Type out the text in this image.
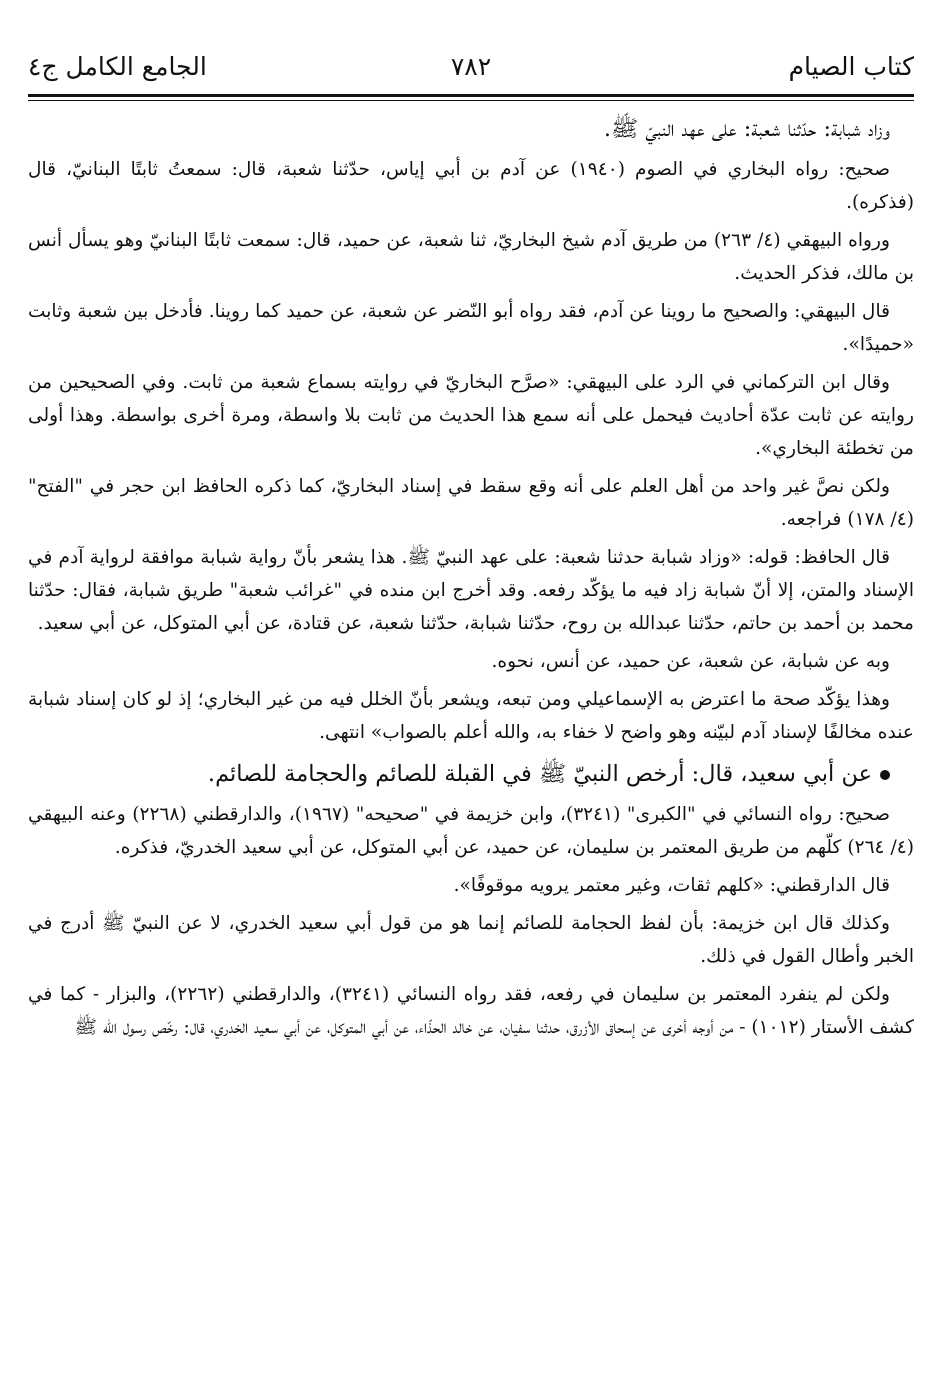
كتاب الصيام
٧٨٢
الجامع الكامل ج٤

وزاد شبابة: حدّثنا شعبة: على عهد النبيّ ﷺ.

صحيح: رواه البخاري في الصوم (١٩٤٠) عن آدم بن أبي إياس، حدّثنا شعبة، قال: سمعتُ ثابتًا البنانيّ، قال (فذكره).

ورواه البيهقي (٤/ ٢٦٣) من طريق آدم شيخ البخاريّ، ثنا شعبة، عن حميد، قال: سمعت ثابتًا البنانيّ وهو يسأل أنس بن مالك، فذكر الحديث.

قال البيهقي: والصحيح ما روينا عن آدم، فقد رواه أبو النّضر عن شعبة، عن حميد كما روينا. فأدخل بين شعبة وثابت «حميدًا».

وقال ابن التركماني في الرد على البيهقي: «صرَّح البخاريّ في روايته بسماع شعبة من ثابت. وفي الصحيحين من روايته عن ثابت عدّة أحاديث فيحمل على أنه سمع هذا الحديث من ثابت بلا واسطة، ومرة أخرى بواسطة. وهذا أولى من تخطئة البخاري».

ولكن نصَّ غير واحد من أهل العلم على أنه وقع سقط في إسناد البخاريّ، كما ذكره الحافظ ابن حجر في "الفتح" (٤/ ١٧٨) فراجعه.

قال الحافظ: قوله: «وزاد شبابة حدثنا شعبة: على عهد النبيّ ﷺ. هذا يشعر بأنّ رواية شبابة موافقة لرواية آدم في الإسناد والمتن، إلا أنّ شبابة زاد فيه ما يؤكّد رفعه. وقد أخرج ابن منده في "غرائب شعبة" طريق شبابة، فقال: حدّثنا محمد بن أحمد بن حاتم، حدّثنا عبدالله بن روح، حدّثنا شبابة، حدّثنا شعبة، عن قتادة، عن أبي المتوكل، عن أبي سعيد.

وبه عن شبابة، عن شعبة، عن حميد، عن أنس، نحوه.

وهذا يؤكّد صحة ما اعترض به الإسماعيلي ومن تبعه، ويشعر بأنّ الخلل فيه من غير البخاري؛ إذ لو كان إسناد شبابة عنده مخالفًا لإسناد آدم لبيّنه وهو واضح لا خفاء به، والله أعلم بالصواب» انتهى.

عن أبي سعيد، قال: أرخص النبيّ ﷺ في القبلة للصائم والحجامة للصائم.

صحيح: رواه النسائي في "الكبرى" (٣٢٤١)، وابن خزيمة في "صحيحه" (١٩٦٧)، والدارقطني (٢٢٦٨) وعنه البيهقي (٤/ ٢٦٤) كلّهم من طريق المعتمر بن سليمان، عن حميد، عن أبي المتوكل، عن أبي سعيد الخدريّ، فذكره.

قال الدارقطني: «كلهم ثقات، وغير معتمر يرويه موقوفًا».

وكذلك قال ابن خزيمة: بأن لفظ الحجامة للصائم إنما هو من قول أبي سعيد الخدري، لا عن النبيّ ﷺ أدرج في الخبر وأطال القول في ذلك.

ولكن لم ينفرد المعتمر بن سليمان في رفعه، فقد رواه النسائي (٣٢٤١)، والدارقطني (٢٢٦٢)، والبزار - كما في كشف الأستار (١٠١٢) - من أوجه أخرى عن إسحاق الأزرق، حدثنا سفيان، عن خالد الحذّاء، عن أبي المتوكل، عن أبي سعيد الخدري، قال: رخّص رسول الله ﷺ
